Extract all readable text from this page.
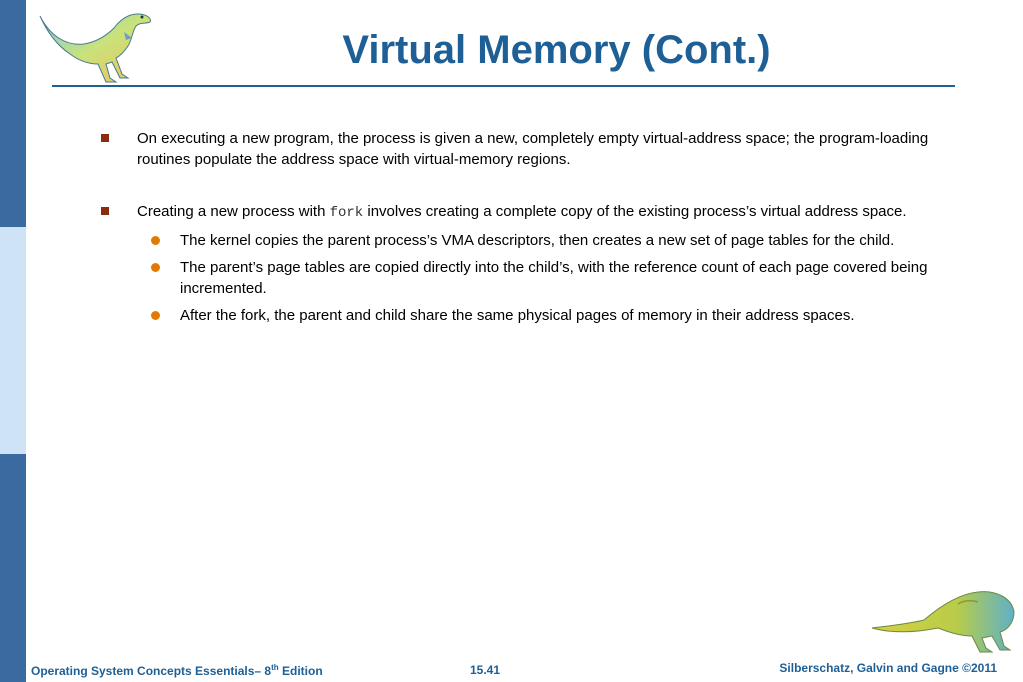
Virtual Memory (Cont.)
On executing a new program, the process is given a new, completely empty virtual-address space; the program-loading routines populate the address space with virtual-memory regions.
Creating a new process with fork involves creating a complete copy of the existing process’s virtual address space.
The kernel copies the parent process’s VMA descriptors, then creates a new set of page tables for the child.
The parent’s page tables are copied directly into the child’s, with the reference count of each page covered being incremented.
After the fork, the parent and child share the same physical pages of memory in their address spaces.
Operating System Concepts Essentials– 8th Edition	15.41	Silberschatz, Galvin and Gagne ©2011
